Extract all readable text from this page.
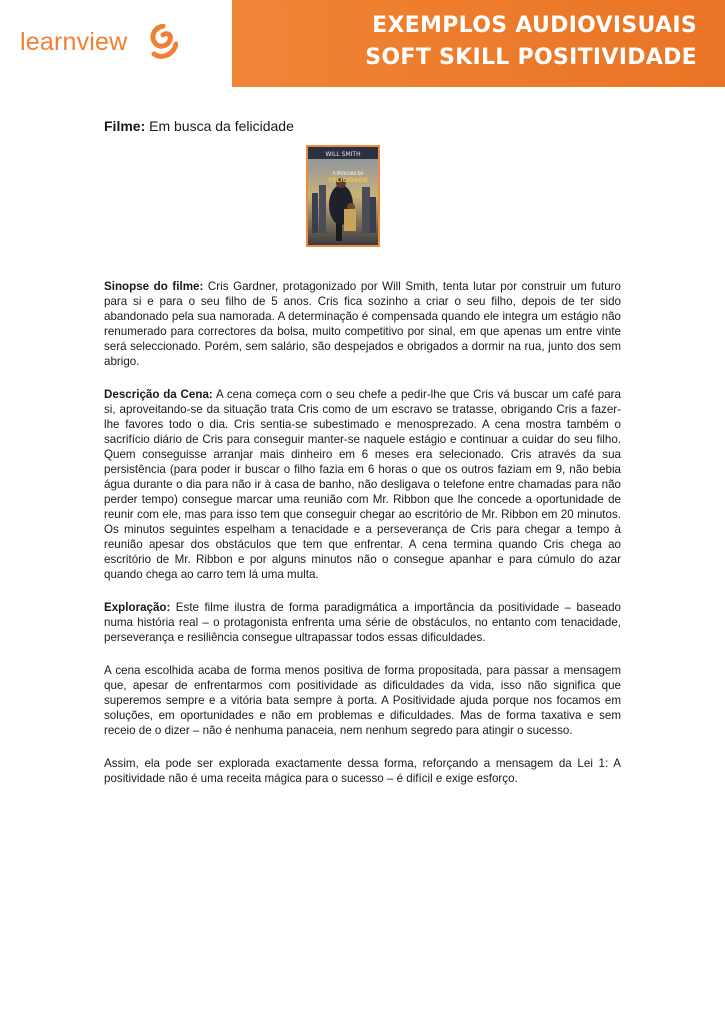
learnview
EXEMPLOS AUDIOVISUAIS
SOFT SKILL POSITIVIDADE
Filme: Em busca da felicidade
WILL SMITH
À PROCURA DA
FELICIDADE

Sinopse do filme: Cris Gardner, protagonizado por Will Smith, tenta lutar por construir um futuro para si e para o seu filho de 5 anos. Cris fica sozinho a criar o seu filho, depois de ter sido abandonado pela sua namorada. A determinação é compensada quando ele integra um estágio não renumerado para correctores da bolsa, muito competitivo por sinal, em que apenas um entre vinte será seleccionado. Porém, sem salário, são despejados e obrigados a dormir na rua, junto dos sem abrigo.

Descrição da Cena: A cena começa com o seu chefe a pedir-lhe que Cris vá buscar um café para si, aproveitando-se da situação trata Cris como de um escravo se tratasse, obrigando Cris a fazer-lhe favores todo o dia. Cris sentia-se subestimado e menosprezado. A cena mostra também o sacrifício diário de Cris para conseguir manter-se naquele estágio e continuar a cuidar do seu filho. Quem conseguisse arranjar mais dinheiro em 6 meses era selecionado. Cris através da sua persistência (para poder ir buscar o filho fazia em 6 horas o que os outros faziam em 9, não bebia água durante o dia para não ir à casa de banho, não desligava o telefone entre chamadas para não perder tempo) consegue marcar uma reunião com Mr. Ribbon que lhe concede a oportunidade de reunir com ele, mas para isso tem que conseguir chegar ao escritório de Mr. Ribbon em 20 minutos. Os minutos seguintes espelham a tenacidade e a perseverança de Cris para chegar a tempo à reunião apesar dos obstáculos que tem que enfrentar. A cena termina quando Cris chega ao escritório de Mr. Ribbon e por alguns minutos não o consegue apanhar e para cúmulo do azar quando chega ao carro tem lá uma multa.

Exploração: Este filme ilustra de forma paradigmática a importância da positividade – baseado numa história real – o protagonista enfrenta uma série de obstáculos, no entanto com tenacidade, perseverança e resiliência consegue ultrapassar todos essas dificuldades.

A cena escolhida acaba de forma menos positiva de forma propositada, para passar a mensagem que, apesar de enfrentarmos com positividade as dificuldades da vida, isso não significa que superemos sempre e a vitória bata sempre à porta. A Positividade ajuda porque nos focamos em soluções, em oportunidades e não em problemas e dificuldades. Mas de forma taxativa e sem receio de o dizer – não é nenhuma panaceia, nem nenhum segredo para atingir o sucesso.

Assim, ela pode ser explorada exactamente dessa forma, reforçando a mensagem da Lei 1: A positividade não é uma receita mágica para o sucesso – é difícil e exige esforço.
